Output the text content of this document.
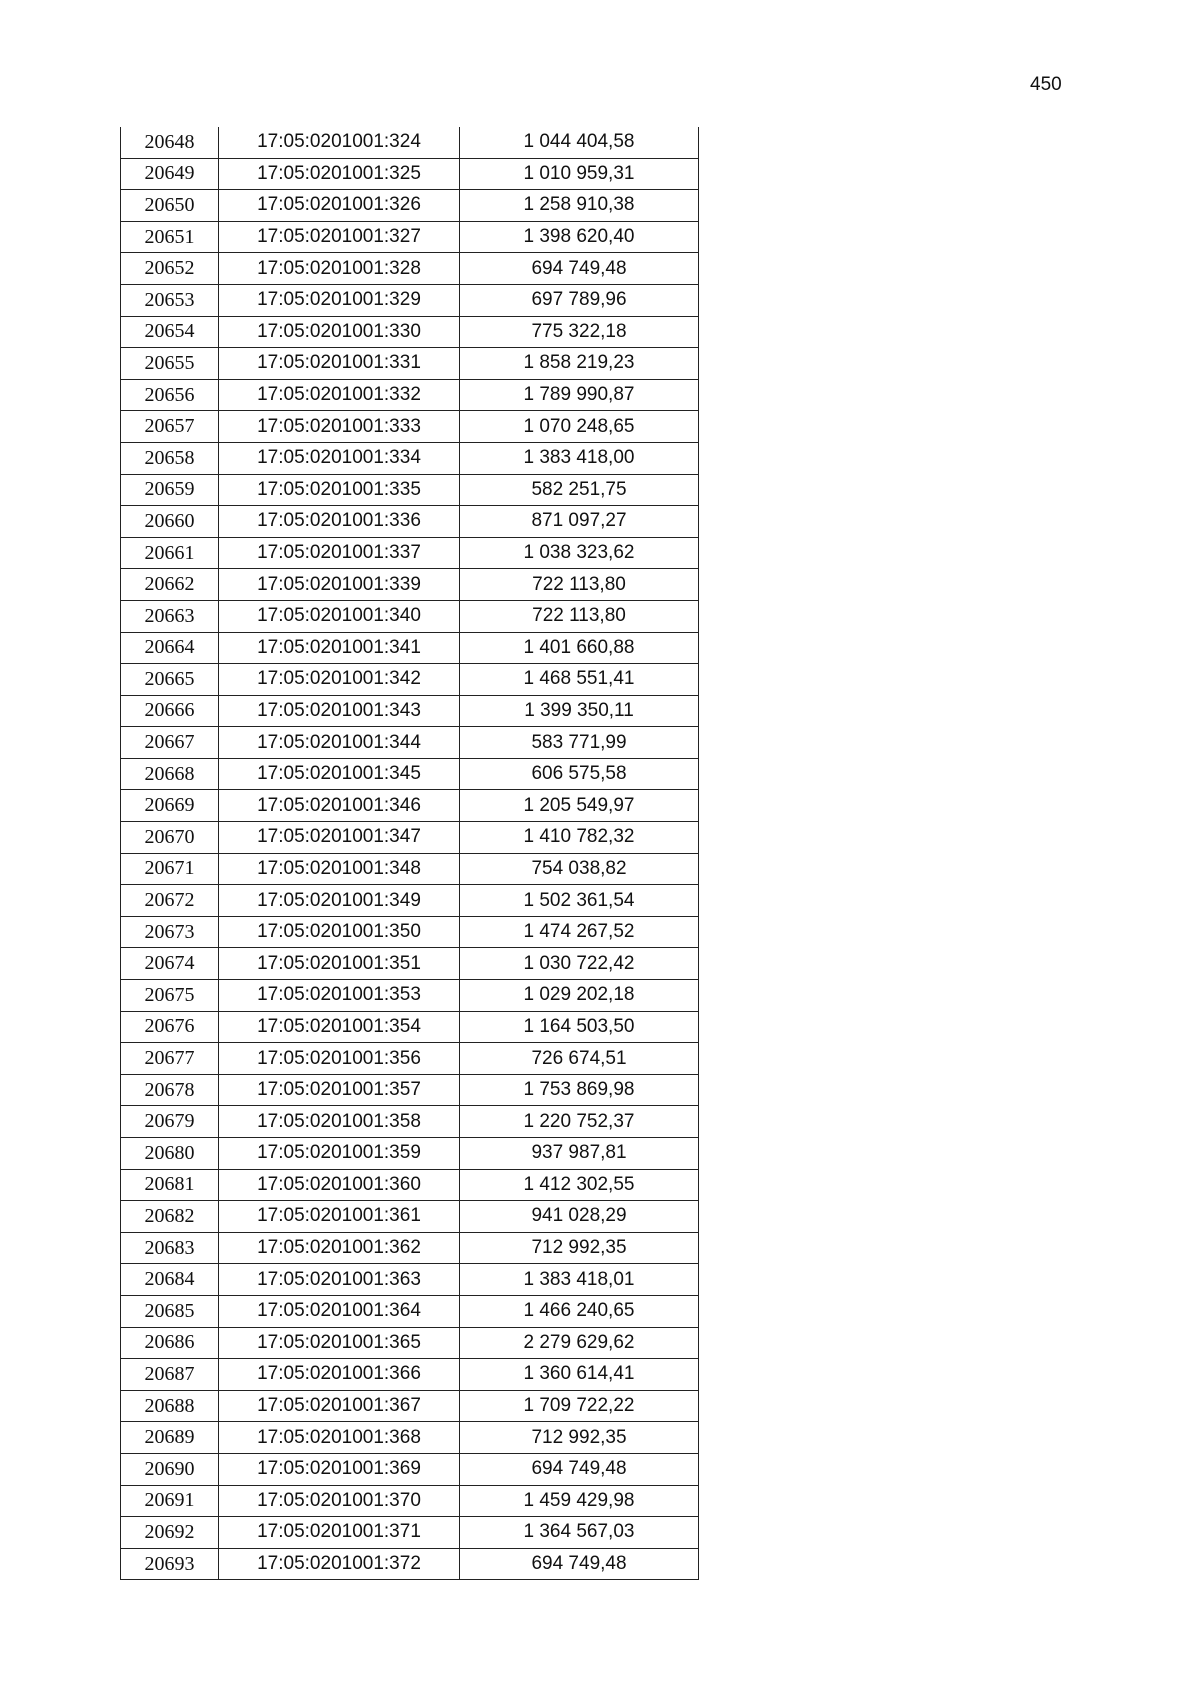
450
20648	17:05:0201001:324	1 044 404,58
20649	17:05:0201001:325	1 010 959,31
20650	17:05:0201001:326	1 258 910,38
20651	17:05:0201001:327	1 398 620,40
20652	17:05:0201001:328	694 749,48
20653	17:05:0201001:329	697 789,96
20654	17:05:0201001:330	775 322,18
20655	17:05:0201001:331	1 858 219,23
20656	17:05:0201001:332	1 789 990,87
20657	17:05:0201001:333	1 070 248,65
20658	17:05:0201001:334	1 383 418,00
20659	17:05:0201001:335	582 251,75
20660	17:05:0201001:336	871 097,27
20661	17:05:0201001:337	1 038 323,62
20662	17:05:0201001:339	722 113,80
20663	17:05:0201001:340	722 113,80
20664	17:05:0201001:341	1 401 660,88
20665	17:05:0201001:342	1 468 551,41
20666	17:05:0201001:343	1 399 350,11
20667	17:05:0201001:344	583 771,99
20668	17:05:0201001:345	606 575,58
20669	17:05:0201001:346	1 205 549,97
20670	17:05:0201001:347	1 410 782,32
20671	17:05:0201001:348	754 038,82
20672	17:05:0201001:349	1 502 361,54
20673	17:05:0201001:350	1 474 267,52
20674	17:05:0201001:351	1 030 722,42
20675	17:05:0201001:353	1 029 202,18
20676	17:05:0201001:354	1 164 503,50
20677	17:05:0201001:356	726 674,51
20678	17:05:0201001:357	1 753 869,98
20679	17:05:0201001:358	1 220 752,37
20680	17:05:0201001:359	937 987,81
20681	17:05:0201001:360	1 412 302,55
20682	17:05:0201001:361	941 028,29
20683	17:05:0201001:362	712 992,35
20684	17:05:0201001:363	1 383 418,01
20685	17:05:0201001:364	1 466 240,65
20686	17:05:0201001:365	2 279 629,62
20687	17:05:0201001:366	1 360 614,41
20688	17:05:0201001:367	1 709 722,22
20689	17:05:0201001:368	712 992,35
20690	17:05:0201001:369	694 749,48
20691	17:05:0201001:370	1 459 429,98
20692	17:05:0201001:371	1 364 567,03
20693	17:05:0201001:372	694 749,48
